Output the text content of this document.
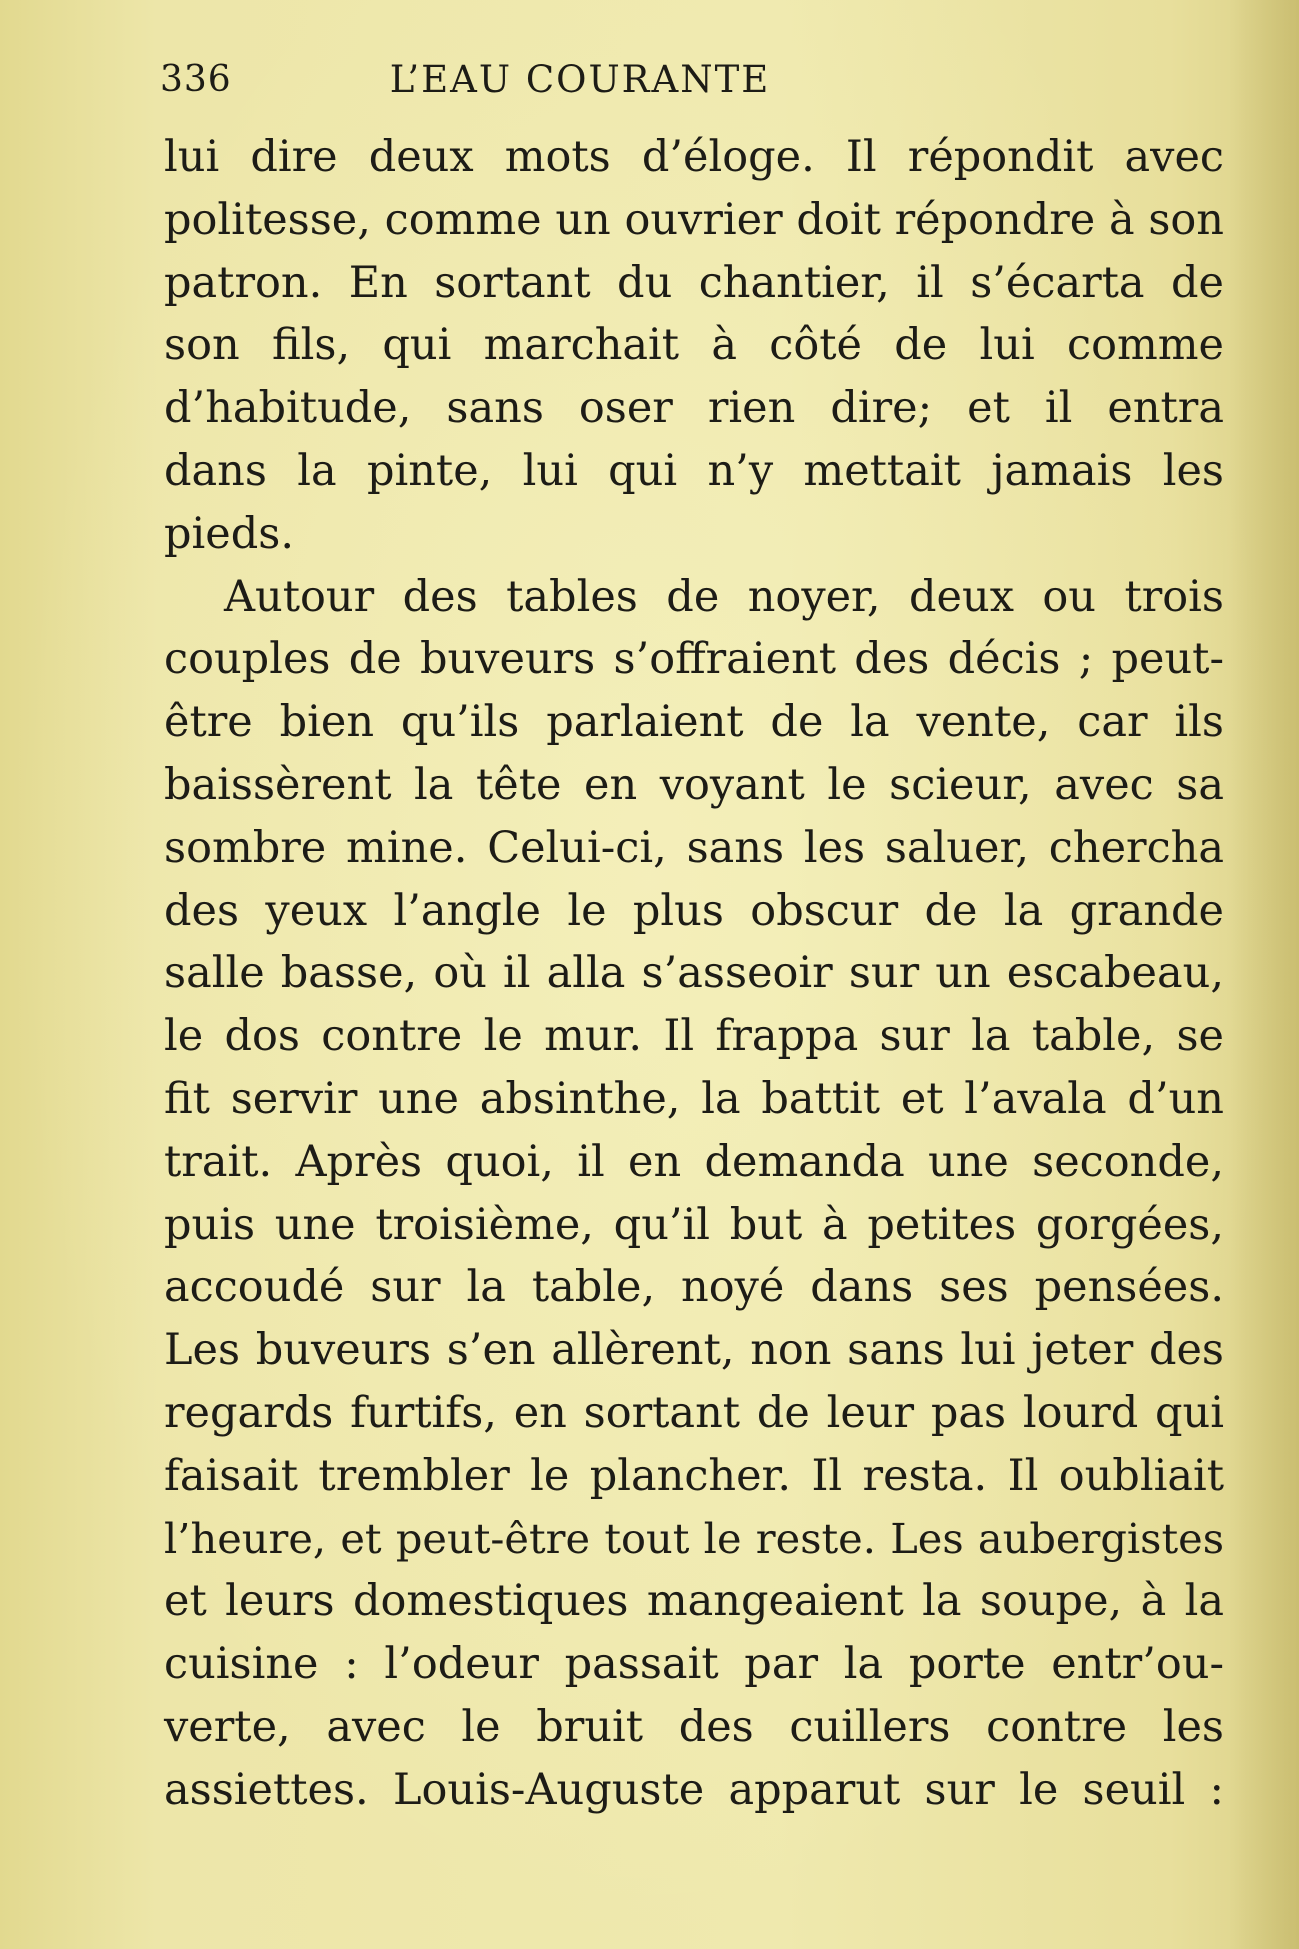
336	L’EAU COURANTE
lui dire deux mots d’éloge. Il répondit avec
politesse, comme un ouvrier doit répondre à son
patron. En sortant du chantier, il s’écarta de
son fils, qui marchait à côté de lui comme
d’habitude, sans oser rien dire; et il entra
dans la pinte, lui qui n’y mettait jamais les
pieds.
Autour des tables de noyer, deux ou trois
couples de buveurs s’offraient des décis ; peut-
être bien qu’ils parlaient de la vente, car ils
baissèrent la tête en voyant le scieur, avec sa
sombre mine. Celui-ci, sans les saluer, chercha
des yeux l’angle le plus obscur de la grande
salle basse, où il alla s’asseoir sur un escabeau,
le dos contre le mur. Il frappa sur la table, se
fit servir une absinthe, la battit et l’avala d’un
trait. Après quoi, il en demanda une seconde,
puis une troisième, qu’il but à petites gorgées,
accoudé sur la table, noyé dans ses pensées.
Les buveurs s’en allèrent, non sans lui jeter des
regards furtifs, en sortant de leur pas lourd qui
faisait trembler le plancher. Il resta. Il oubliait
l’heure, et peut-être tout le reste. Les aubergistes
et leurs domestiques mangeaient la soupe, à la
cuisine : l’odeur passait par la porte entr’ou-
verte, avec le bruit des cuillers contre les
assiettes. Louis-Auguste apparut sur le seuil :
